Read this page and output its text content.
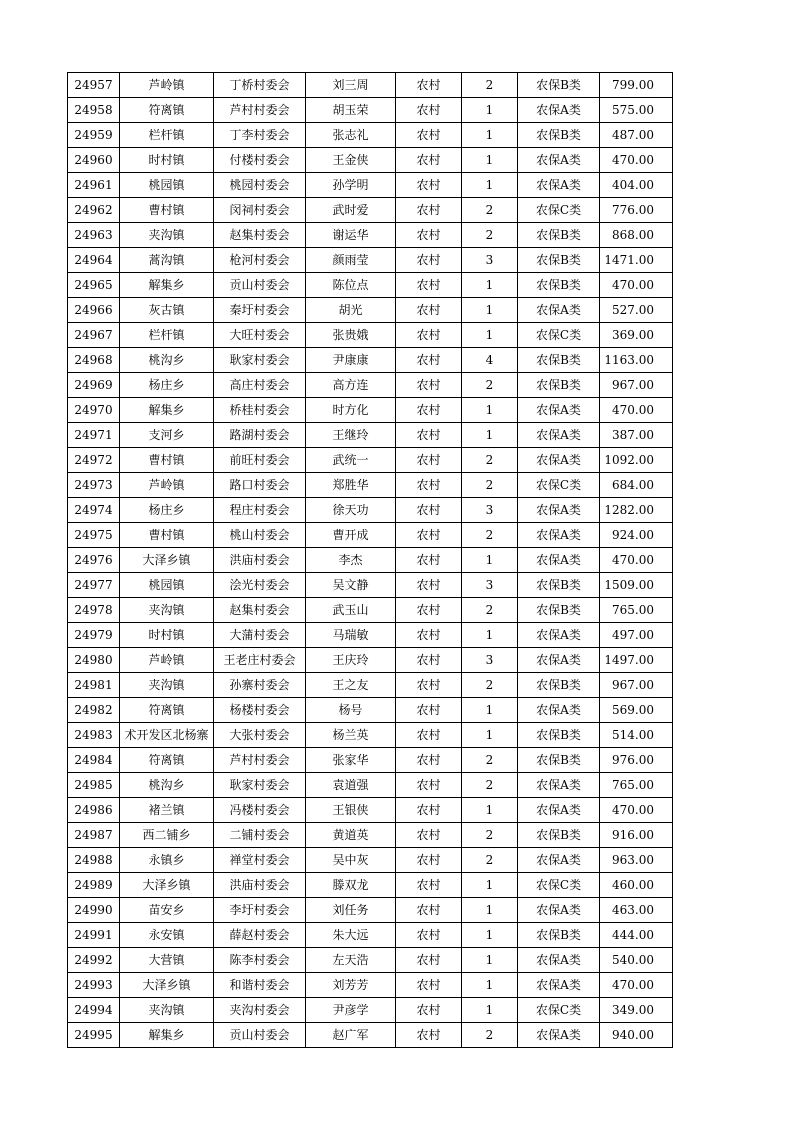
24957	芦岭镇	丁桥村委会	刘三周	农村	2	农保B类	799.00
24958	符离镇	芦村村委会	胡玉荣	农村	1	农保A类	575.00
24959	栏杆镇	丁李村委会	张志礼	农村	1	农保B类	487.00
24960	时村镇	付楼村委会	王金侠	农村	1	农保A类	470.00
24961	桃园镇	桃园村委会	孙学明	农村	1	农保A类	404.00
24962	曹村镇	闵祠村委会	武时爱	农村	2	农保C类	776.00
24963	夹沟镇	赵集村委会	谢运华	农村	2	农保B类	868.00
24964	蒿沟镇	枪河村委会	颜雨莹	农村	3	农保B类	1471.00
24965	解集乡	贡山村委会	陈位点	农村	1	农保B类	470.00
24966	灰古镇	秦圩村委会	胡光	农村	1	农保A类	527.00
24967	栏杆镇	大旺村委会	张贵娥	农村	1	农保C类	369.00
24968	桃沟乡	耿家村委会	尹康康	农村	4	农保B类	1163.00
24969	杨庄乡	高庄村委会	高方连	农村	2	农保B类	967.00
24970	解集乡	桥桂村委会	时方化	农村	1	农保A类	470.00
24971	支河乡	路湖村委会	王继玲	农村	1	农保A类	387.00
24972	曹村镇	前旺村委会	武统一	农村	2	农保A类	1092.00
24973	芦岭镇	路口村委会	郑胜华	农村	2	农保C类	684.00
24974	杨庄乡	程庄村委会	徐天功	农村	3	农保A类	1282.00
24975	曹村镇	桃山村委会	曹开成	农村	2	农保A类	924.00
24976	大泽乡镇	洪庙村委会	李杰	农村	1	农保A类	470.00
24977	桃园镇	浍光村委会	吴文静	农村	3	农保B类	1509.00
24978	夹沟镇	赵集村委会	武玉山	农村	2	农保B类	765.00
24979	时村镇	大蒲村委会	马瑞敏	农村	1	农保A类	497.00
24980	芦岭镇	王老庄村委会	王庆玲	农村	3	农保A类	1497.00
24981	夹沟镇	孙寨村委会	王之友	农村	2	农保B类	967.00
24982	符离镇	杨楼村委会	杨号	农村	1	农保A类	569.00
24983	术开发区北杨寨	大张村委会	杨兰英	农村	1	农保B类	514.00
24984	符离镇	芦村村委会	张家华	农村	2	农保B类	976.00
24985	桃沟乡	耿家村委会	袁道强	农村	2	农保A类	765.00
24986	褚兰镇	冯楼村委会	王银侠	农村	1	农保A类	470.00
24987	西二铺乡	二铺村委会	黄道英	农村	2	农保B类	916.00
24988	永镇乡	禅堂村委会	吴中灰	农村	2	农保A类	963.00
24989	大泽乡镇	洪庙村委会	滕双龙	农村	1	农保C类	460.00
24990	苗安乡	李圩村委会	刘任务	农村	1	农保A类	463.00
24991	永安镇	薛赵村委会	朱大远	农村	1	农保B类	444.00
24992	大营镇	陈李村委会	左天浩	农村	1	农保A类	540.00
24993	大泽乡镇	和谐村委会	刘芳芳	农村	1	农保A类	470.00
24994	夹沟镇	夹沟村委会	尹彦学	农村	1	农保C类	349.00
24995	解集乡	贡山村委会	赵广军	农村	2	农保A类	940.00
